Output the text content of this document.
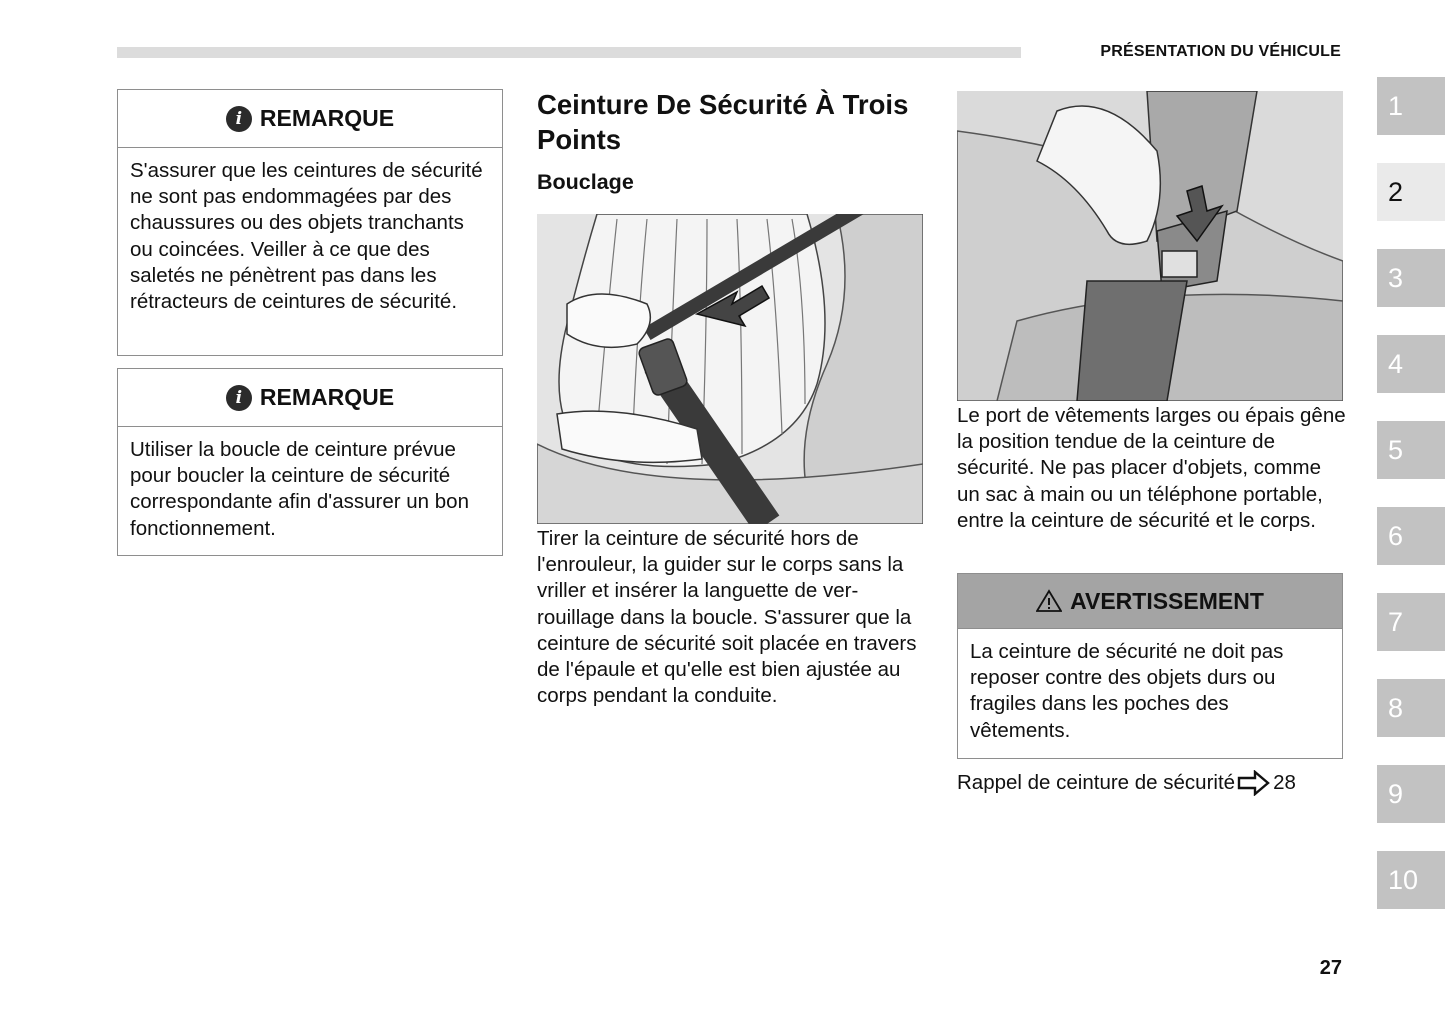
PRÉSENTATION DU VÉHICULE
i REMARQUE
S'assurer que les ceintures de sécurité ne sont pas endommagées par des chaussures ou des objets tranchants ou coincées. Veiller à ce que des saletés ne pénètrent pas dans les rétracteurs de ceintures de sécurité.
i REMARQUE
Utiliser la boucle de ceinture prévue pour boucler la ceinture de sécurité correspondante afin d'assurer un bon fonctionnement.
Ceinture De Sécurité À Trois Points
Bouclage
Tirer la ceinture de sécurité hors de l'enrouleur, la guider sur le corps sans la vriller et insérer la languette de verrouillage dans la boucle. S'assurer que la ceinture de sécurité soit placée en travers de l'épaule et qu'elle est bien ajustée au corps pendant la conduite.
Le port de vêtements larges ou épais gêne la position tendue de la ceinture de sécurité. Ne pas placer d'objets, comme un sac à main ou un téléphone portable, entre la ceinture de sécurité et le corps.
AVERTISSEMENT
La ceinture de sécurité ne doit pas reposer contre des objets durs ou fragiles dans les poches des vêtements.
Rappel de ceinture de sécurité 28
1
2
3
4
5
6
7
8
9
10
27
